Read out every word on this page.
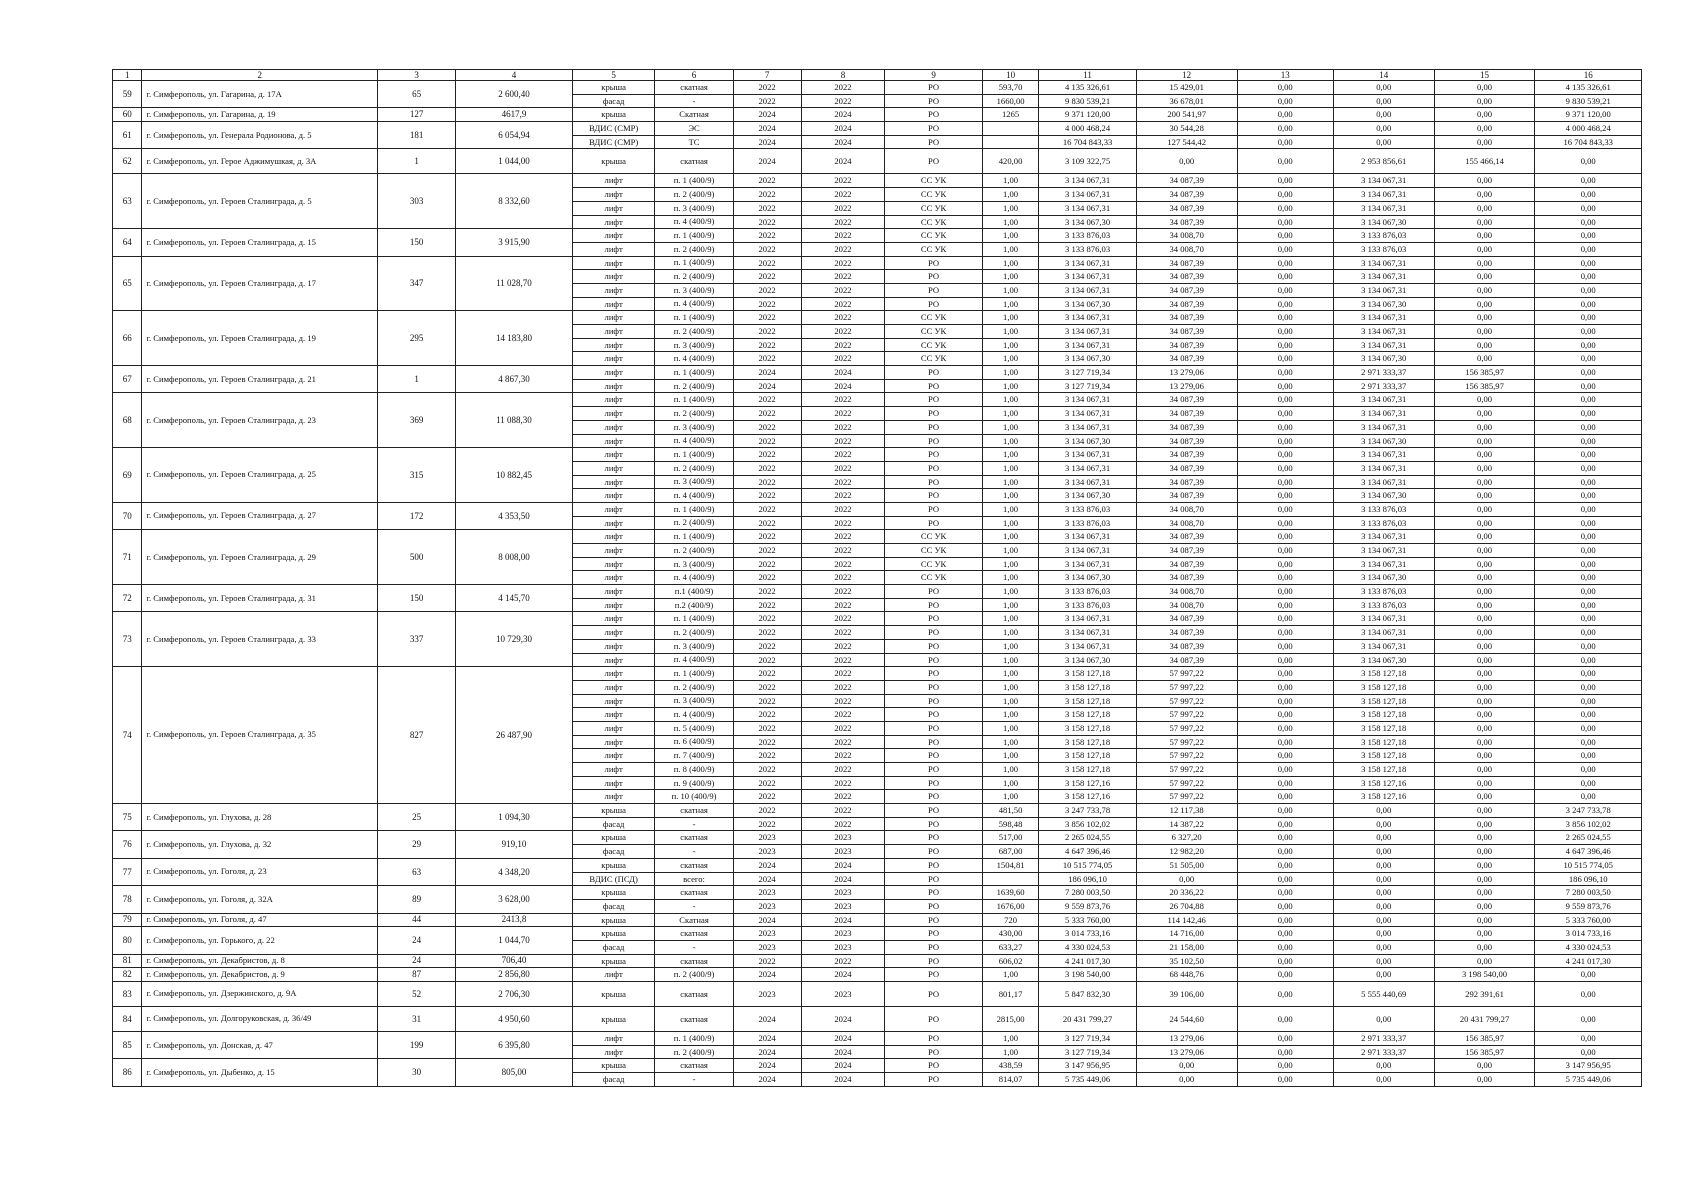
1	2	3	4	5	6	7	8	9	10	11	12	13	14	15	16
59	г. Симферополь, ул. Гагарина, д. 17А	65	2 600,40	крыша	скатная	2022	2022	РО	593,70	4 135 326,61	15 429,01	0,00	0,00	0,00	4 135 326,61
				фасад	-	2022	2022	РО	1660,00	9 830 539,21	36 678,01	0,00	0,00	0,00	9 830 539,21
60	г. Симферополь, ул. Гагарина, д. 19	127	4617,9	крыша	Скатная	2024	2024	РО	1265	9 371 120,00	200 541,97	0,00	0,00	0,00	9 371 120,00
61	г. Симферополь, ул. Генерала Родионова, д. 5	181	6 054,94	ВДИС (СМР)	ЭС	2024	2024	РО		4 000 468,24	30 544,28	0,00	0,00	0,00	4 000 468,24
				ВДИС (СМР)	ТС	2024	2024	РО		16 704 843,33	127 544,42	0,00	0,00	0,00	16 704 843,33
62	г. Симферополь, ул. Герое Аджимушкая, д. 3А	1	1 044,00	крыша	скатная	2024	2024	РО	420,00	3 109 322,75	0,00	0,00	2 953 856,61	155 466,14	0,00
63	г. Симферополь, ул. Героев Сталинграда, д. 5	303	8 332,60	лифт	п. 1 (400/9)	2022	2022	СС УК	1,00	3 134 067,31	34 087,39	0,00	3 134 067,31	0,00	0,00
				лифт	п. 2 (400/9)	2022	2022	СС УК	1,00	3 134 067,31	34 087,39	0,00	3 134 067,31	0,00	0,00
				лифт	п. 3 (400/9)	2022	2022	СС УК	1,00	3 134 067,31	34 087,39	0,00	3 134 067,31	0,00	0,00
				лифт	п. 4 (400/9)	2022	2022	СС УК	1,00	3 134 067,30	34 087,39	0,00	3 134 067,30	0,00	0,00
64	г. Симферополь, ул. Героев Сталинграда, д. 15	150	3 915,90	лифт	п. 1 (400/9)	2022	2022	СС УК	1,00	3 133 876,03	34 008,70	0,00	3 133 876,03	0,00	0,00
				лифт	п. 2 (400/9)	2022	2022	СС УК	1,00	3 133 876,03	34 008,70	0,00	3 133 876,03	0,00	0,00
65	г. Симферополь, ул. Героев Сталинграда, д. 17	347	11 028,70	лифт	п. 1 (400/9)	2022	2022	РО	1,00	3 134 067,31	34 087,39	0,00	3 134 067,31	0,00	0,00
				лифт	п. 2 (400/9)	2022	2022	РО	1,00	3 134 067,31	34 087,39	0,00	3 134 067,31	0,00	0,00
				лифт	п. 3 (400/9)	2022	2022	РО	1,00	3 134 067,31	34 087,39	0,00	3 134 067,31	0,00	0,00
				лифт	п. 4 (400/9)	2022	2022	РО	1,00	3 134 067,30	34 087,39	0,00	3 134 067,30	0,00	0,00
66	г. Симферополь, ул. Героев Сталинграда, д. 19	295	14 183,80	лифт	п. 1 (400/9)	2022	2022	СС УК	1,00	3 134 067,31	34 087,39	0,00	3 134 067,31	0,00	0,00
				лифт	п. 2 (400/9)	2022	2022	СС УК	1,00	3 134 067,31	34 087,39	0,00	3 134 067,31	0,00	0,00
				лифт	п. 3 (400/9)	2022	2022	СС УК	1,00	3 134 067,31	34 087,39	0,00	3 134 067,31	0,00	0,00
				лифт	п. 4 (400/9)	2022	2022	СС УК	1,00	3 134 067,30	34 087,39	0,00	3 134 067,30	0,00	0,00
67	г. Симферополь, ул. Героев Сталинграда, д. 21	1	4 867,30	лифт	п. 1 (400/9)	2024	2024	РО	1,00	3 127 719,34	13 279,06	0,00	2 971 333,37	156 385,97	0,00
				лифт	п. 2 (400/9)	2024	2024	РО	1,00	3 127 719,34	13 279,06	0,00	2 971 333,37	156 385,97	0,00
68	г. Симферополь, ул. Героев Сталинграда, д. 23	369	11 088,30	лифт	п. 1 (400/9)	2022	2022	РО	1,00	3 134 067,31	34 087,39	0,00	3 134 067,31	0,00	0,00
				лифт	п. 2 (400/9)	2022	2022	РО	1,00	3 134 067,31	34 087,39	0,00	3 134 067,31	0,00	0,00
				лифт	п. 3 (400/9)	2022	2022	РО	1,00	3 134 067,31	34 087,39	0,00	3 134 067,31	0,00	0,00
				лифт	п. 4 (400/9)	2022	2022	РО	1,00	3 134 067,30	34 087,39	0,00	3 134 067,30	0,00	0,00
69	г. Симферополь, ул. Героев Сталинграда, д. 25	315	10 882,45	лифт	п. 1 (400/9)	2022	2022	РО	1,00	3 134 067,31	34 087,39	0,00	3 134 067,31	0,00	0,00
				лифт	п. 2 (400/9)	2022	2022	РО	1,00	3 134 067,31	34 087,39	0,00	3 134 067,31	0,00	0,00
				лифт	п. 3 (400/9)	2022	2022	РО	1,00	3 134 067,31	34 087,39	0,00	3 134 067,31	0,00	0,00
				лифт	п. 4 (400/9)	2022	2022	РО	1,00	3 134 067,30	34 087,39	0,00	3 134 067,30	0,00	0,00
70	г. Симферополь, ул. Героев Сталинграда, д. 27	172	4 353,50	лифт	п. 1 (400/9)	2022	2022	РО	1,00	3 133 876,03	34 008,70	0,00	3 133 876,03	0,00	0,00
				лифт	п. 2 (400/9)	2022	2022	РО	1,00	3 133 876,03	34 008,70	0,00	3 133 876,03	0,00	0,00
71	г. Симферополь, ул. Героев Сталинграда, д. 29	500	8 008,00	лифт	п. 1 (400/9)	2022	2022	СС УК	1,00	3 134 067,31	34 087,39	0,00	3 134 067,31	0,00	0,00
				лифт	п. 2 (400/9)	2022	2022	СС УК	1,00	3 134 067,31	34 087,39	0,00	3 134 067,31	0,00	0,00
				лифт	п. 3 (400/9)	2022	2022	СС УК	1,00	3 134 067,31	34 087,39	0,00	3 134 067,31	0,00	0,00
				лифт	п. 4 (400/9)	2022	2022	СС УК	1,00	3 134 067,30	34 087,39	0,00	3 134 067,30	0,00	0,00
72	г. Симферополь, ул. Героев Сталинграда, д. 31	150	4 145,70	лифт	п.1 (400/9)	2022	2022	РО	1,00	3 133 876,03	34 008,70	0,00	3 133 876,03	0,00	0,00
				лифт	п.2 (400/9)	2022	2022	РО	1,00	3 133 876,03	34 008,70	0,00	3 133 876,03	0,00	0,00
73	г. Симферополь, ул. Героев Сталинграда, д. 33	337	10 729,30	лифт	п. 1 (400/9)	2022	2022	РО	1,00	3 134 067,31	34 087,39	0,00	3 134 067,31	0,00	0,00
				лифт	п. 2 (400/9)	2022	2022	РО	1,00	3 134 067,31	34 087,39	0,00	3 134 067,31	0,00	0,00
				лифт	п. 3 (400/9)	2022	2022	РО	1,00	3 134 067,31	34 087,39	0,00	3 134 067,31	0,00	0,00
				лифт	п. 4 (400/9)	2022	2022	РО	1,00	3 134 067,30	34 087,39	0,00	3 134 067,30	0,00	0,00
74	г. Симферополь, ул. Героев Сталинграда, д. 35	827	26 487,90	лифт	п. 1 (400/9)	2022	2022	РО	1,00	3 158 127,18	57 997,22	0,00	3 158 127,18	0,00	0,00
				лифт	п. 2 (400/9)	2022	2022	РО	1,00	3 158 127,18	57 997,22	0,00	3 158 127,18	0,00	0,00
				лифт	п. 3 (400/9)	2022	2022	РО	1,00	3 158 127,18	57 997,22	0,00	3 158 127,18	0,00	0,00
				лифт	п. 4 (400/9)	2022	2022	РО	1,00	3 158 127,18	57 997,22	0,00	3 158 127,18	0,00	0,00
				лифт	п. 5 (400/9)	2022	2022	РО	1,00	3 158 127,18	57 997,22	0,00	3 158 127,18	0,00	0,00
				лифт	п. 6 (400/9)	2022	2022	РО	1,00	3 158 127,18	57 997,22	0,00	3 158 127,18	0,00	0,00
				лифт	п. 7 (400/9)	2022	2022	РО	1,00	3 158 127,18	57 997,22	0,00	3 158 127,18	0,00	0,00
				лифт	п. 8 (400/9)	2022	2022	РО	1,00	3 158 127,18	57 997,22	0,00	3 158 127,18	0,00	0,00
				лифт	п. 9 (400/9)	2022	2022	РО	1,00	3 158 127,16	57 997,22	0,00	3 158 127,16	0,00	0,00
				лифт	п. 10 (400/9)	2022	2022	РО	1,00	3 158 127,16	57 997,22	0,00	3 158 127,16	0,00	0,00
75	г. Симферополь, ул. Глухова, д. 28	25	1 094,30	крыша	скатная	2022	2022	РО	481,50	3 247 733,78	12 117,38	0,00	0,00	0,00	3 247 733,78
				фасад	-	2022	2022	РО	598,48	3 856 102,02	14 387,22	0,00	0,00	0,00	3 856 102,02
76	г. Симферополь, ул. Глухова, д. 32	29	919,10	крыша	скатная	2023	2023	РО	517,00	2 265 024,55	6 327,20	0,00	0,00	0,00	2 265 024,55
				фасад	-	2023	2023	РО	687,00	4 647 396,46	12 982,20	0,00	0,00	0,00	4 647 396,46
77	г. Симферополь, ул. Гоголя, д. 23	63	4 348,20	крыша	скатная	2024	2024	РО	1504,81	10 515 774,05	51 505,00	0,00	0,00	0,00	10 515 774,05
				ВДИС (ПСД)	всего:	2024	2024	РО		186 096,10	0,00	0,00	0,00	0,00	186 096,10
78	г. Симферополь, ул. Гоголя, д. 32А	89	3 628,00	крыша	скатная	2023	2023	РО	1639,60	7 280 003,50	20 336,22	0,00	0,00	0,00	7 280 003,50
				фасад	-	2023	2023	РО	1676,00	9 559 873,76	26 704,88	0,00	0,00	0,00	9 559 873,76
79	г. Симферополь, ул. Гоголя, д. 47	44	2413,8	крыша	Скатная	2024	2024	РО	720	5 333 760,00	114 142,46	0,00	0,00	0,00	5 333 760,00
80	г. Симферополь, ул. Горького, д. 22	24	1 044,70	крыша	скатная	2023	2023	РО	430,00	3 014 733,16	14 716,00	0,00	0,00	0,00	3 014 733,16
				фасад	-	2023	2023	РО	633,27	4 330 024,53	21 158,00	0,00	0,00	0,00	4 330 024,53
81	г. Симферополь, ул. Декабристов, д. 8	24	706,40	крыша	скатная	2022	2022	РО	606,02	4 241 017,30	35 102,50	0,00	0,00	0,00	4 241 017,30
82	г. Симферополь, ул. Декабристов, д. 9	87	2 856,80	лифт	п. 2 (400/9)	2024	2024	РО	1,00	3 198 540,00	68 448,76	0,00	0,00	3 198 540,00	0,00
83	г. Симферополь, ул. Дзержинского, д. 9А	52	2 706,30	крыша	скатная	2023	2023	РО	801,17	5 847 832,30	39 106,00	0,00	5 555 440,69	292 391,61	0,00
84	г. Симферополь, ул. Долгоруковская, д. 36/49	31	4 950,60	крыша	скатная	2024	2024	РО	2815,00	20 431 799,27	24 544,60	0,00	0,00	20 431 799,27	0,00
85	г. Симферополь, ул. Донская, д. 47	199	6 395,80	лифт	п. 1 (400/9)	2024	2024	РО	1,00	3 127 719,34	13 279,06	0,00	2 971 333,37	156 385,97	0,00
				лифт	п. 2 (400/9)	2024	2024	РО	1,00	3 127 719,34	13 279,06	0,00	2 971 333,37	156 385,97	0,00
86	г. Симферополь, ул. Дыбенко, д. 15	30	805,00	крыша	скатная	2024	2024	РО	438,59	3 147 956,95	0,00	0,00	0,00	0,00	3 147 956,95
				фасад	-	2024	2024	РО	814,07	5 735 449,06	0,00	0,00	0,00	0,00	5 735 449,06
